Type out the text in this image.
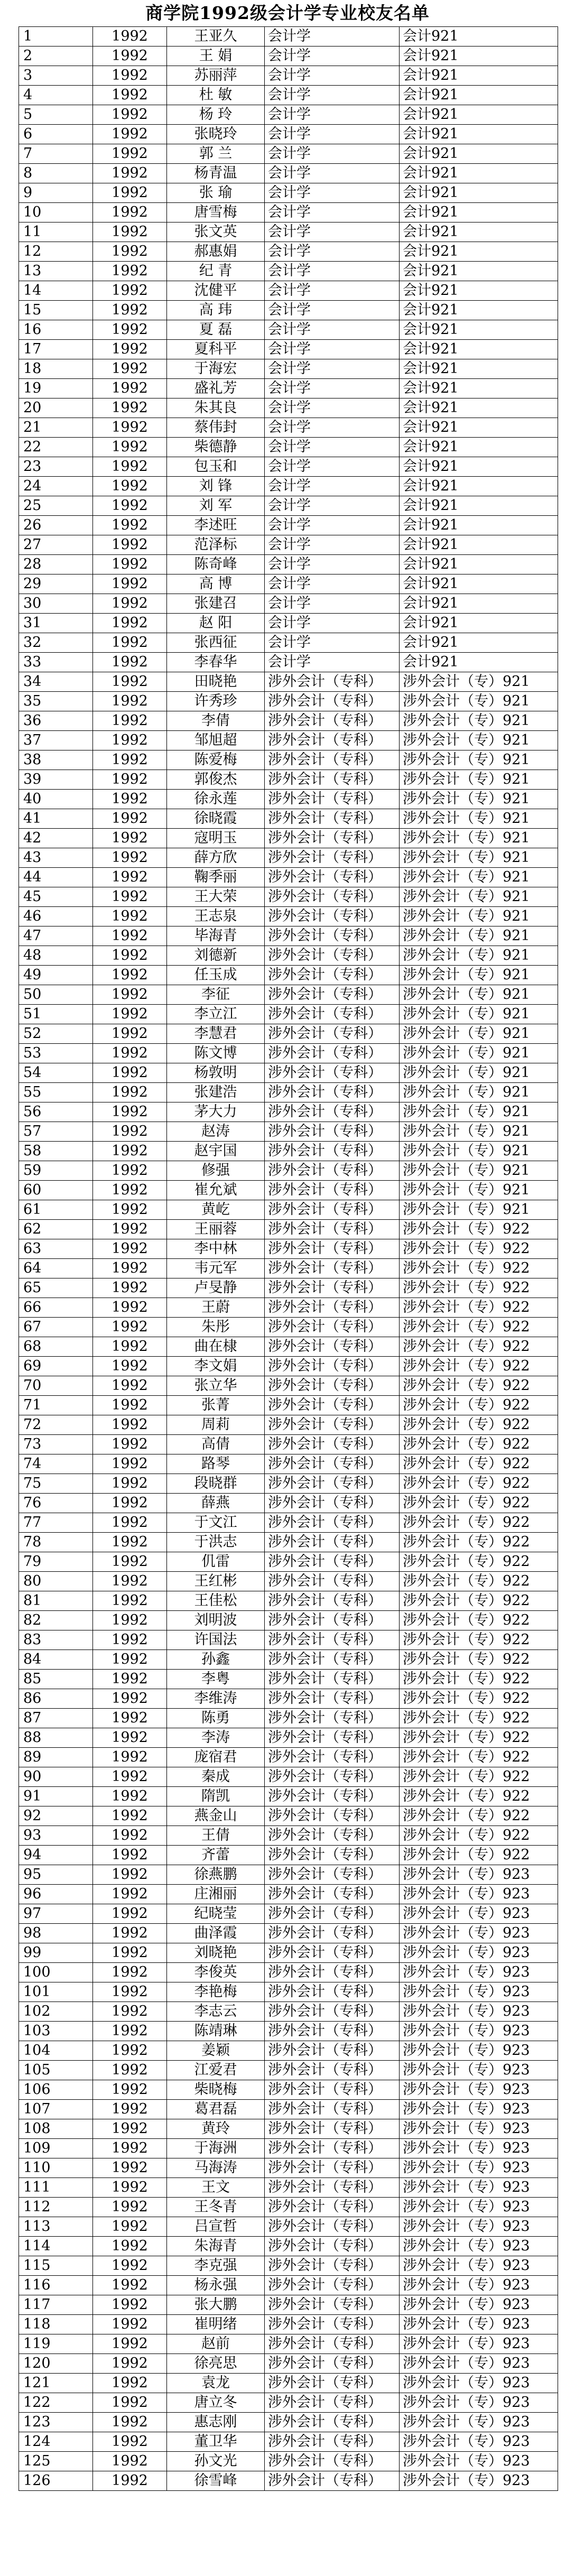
商学院1992级会计学专业校友名单
1	1992	王亚久	会计学	会计921
2	1992	王 娟	会计学	会计921
3	1992	苏丽萍	会计学	会计921
4	1992	杜 敏	会计学	会计921
5	1992	杨 玲	会计学	会计921
6	1992	张晓玲	会计学	会计921
7	1992	郭 兰	会计学	会计921
8	1992	杨青温	会计学	会计921
9	1992	张 瑜	会计学	会计921
10	1992	唐雪梅	会计学	会计921
11	1992	张文英	会计学	会计921
12	1992	郝惠娟	会计学	会计921
13	1992	纪 青	会计学	会计921
14	1992	沈健平	会计学	会计921
15	1992	高 玮	会计学	会计921
16	1992	夏 磊	会计学	会计921
17	1992	夏科平	会计学	会计921
18	1992	于海宏	会计学	会计921
19	1992	盛礼芳	会计学	会计921
20	1992	朱其良	会计学	会计921
21	1992	蔡伟封	会计学	会计921
22	1992	柴德静	会计学	会计921
23	1992	包玉和	会计学	会计921
24	1992	刘 锋	会计学	会计921
25	1992	刘 军	会计学	会计921
26	1992	李述旺	会计学	会计921
27	1992	范泽标	会计学	会计921
28	1992	陈奇峰	会计学	会计921
29	1992	高 博	会计学	会计921
30	1992	张建召	会计学	会计921
31	1992	赵 阳	会计学	会计921
32	1992	张西征	会计学	会计921
33	1992	李春华	会计学	会计921
34	1992	田晓艳	涉外会计（专科）	涉外会计（专）921
35	1992	许秀珍	涉外会计（专科）	涉外会计（专）921
36	1992	李倩	涉外会计（专科）	涉外会计（专）921
37	1992	邹旭超	涉外会计（专科）	涉外会计（专）921
38	1992	陈爱梅	涉外会计（专科）	涉外会计（专）921
39	1992	郭俊杰	涉外会计（专科）	涉外会计（专）921
40	1992	徐永莲	涉外会计（专科）	涉外会计（专）921
41	1992	徐晓霞	涉外会计（专科）	涉外会计（专）921
42	1992	寇明玉	涉外会计（专科）	涉外会计（专）921
43	1992	薛方欣	涉外会计（专科）	涉外会计（专）921
44	1992	鞠季丽	涉外会计（专科）	涉外会计（专）921
45	1992	王大荣	涉外会计（专科）	涉外会计（专）921
46	1992	王志泉	涉外会计（专科）	涉外会计（专）921
47	1992	毕海青	涉外会计（专科）	涉外会计（专）921
48	1992	刘德新	涉外会计（专科）	涉外会计（专）921
49	1992	任玉成	涉外会计（专科）	涉外会计（专）921
50	1992	李征	涉外会计（专科）	涉外会计（专）921
51	1992	李立江	涉外会计（专科）	涉外会计（专）921
52	1992	李慧君	涉外会计（专科）	涉外会计（专）921
53	1992	陈文博	涉外会计（专科）	涉外会计（专）921
54	1992	杨敦明	涉外会计（专科）	涉外会计（专）921
55	1992	张建浩	涉外会计（专科）	涉外会计（专）921
56	1992	茅大力	涉外会计（专科）	涉外会计（专）921
57	1992	赵涛	涉外会计（专科）	涉外会计（专）921
58	1992	赵宇国	涉外会计（专科）	涉外会计（专）921
59	1992	修强	涉外会计（专科）	涉外会计（专）921
60	1992	崔允斌	涉外会计（专科）	涉外会计（专）921
61	1992	黄屹	涉外会计（专科）	涉外会计（专）921
62	1992	王丽蓉	涉外会计（专科）	涉外会计（专）922
63	1992	李中林	涉外会计（专科）	涉外会计（专）922
64	1992	韦元军	涉外会计（专科）	涉外会计（专）922
65	1992	卢旻静	涉外会计（专科）	涉外会计（专）922
66	1992	王蔚	涉外会计（专科）	涉外会计（专）922
67	1992	朱彤	涉外会计（专科）	涉外会计（专）922
68	1992	曲在棣	涉外会计（专科）	涉外会计（专）922
69	1992	李文娟	涉外会计（专科）	涉外会计（专）922
70	1992	张立华	涉外会计（专科）	涉外会计（专）922
71	1992	张菁	涉外会计（专科）	涉外会计（专）922
72	1992	周莉	涉外会计（专科）	涉外会计（专）922
73	1992	高倩	涉外会计（专科）	涉外会计（专）922
74	1992	路琴	涉外会计（专科）	涉外会计（专）922
75	1992	段晓群	涉外会计（专科）	涉外会计（专）922
76	1992	薛燕	涉外会计（专科）	涉外会计（专）922
77	1992	于文江	涉外会计（专科）	涉外会计（专）922
78	1992	于洪志	涉外会计（专科）	涉外会计（专）922
79	1992	仉雷	涉外会计（专科）	涉外会计（专）922
80	1992	王红彬	涉外会计（专科）	涉外会计（专）922
81	1992	王佳松	涉外会计（专科）	涉外会计（专）922
82	1992	刘明波	涉外会计（专科）	涉外会计（专）922
83	1992	许国法	涉外会计（专科）	涉外会计（专）922
84	1992	孙鑫	涉外会计（专科）	涉外会计（专）922
85	1992	李粤	涉外会计（专科）	涉外会计（专）922
86	1992	李维涛	涉外会计（专科）	涉外会计（专）922
87	1992	陈勇	涉外会计（专科）	涉外会计（专）922
88	1992	李涛	涉外会计（专科）	涉外会计（专）922
89	1992	庞宿君	涉外会计（专科）	涉外会计（专）922
90	1992	秦成	涉外会计（专科）	涉外会计（专）922
91	1992	隋凯	涉外会计（专科）	涉外会计（专）922
92	1992	燕金山	涉外会计（专科）	涉外会计（专）922
93	1992	王倩	涉外会计（专科）	涉外会计（专）922
94	1992	齐蕾	涉外会计（专科）	涉外会计（专）922
95	1992	徐燕鹏	涉外会计（专科）	涉外会计（专）923
96	1992	庄湘丽	涉外会计（专科）	涉外会计（专）923
97	1992	纪晓莹	涉外会计（专科）	涉外会计（专）923
98	1992	曲泽霞	涉外会计（专科）	涉外会计（专）923
99	1992	刘晓艳	涉外会计（专科）	涉外会计（专）923
100	1992	李俊英	涉外会计（专科）	涉外会计（专）923
101	1992	李艳梅	涉外会计（专科）	涉外会计（专）923
102	1992	李志云	涉外会计（专科）	涉外会计（专）923
103	1992	陈靖琳	涉外会计（专科）	涉外会计（专）923
104	1992	姜颖	涉外会计（专科）	涉外会计（专）923
105	1992	江爱君	涉外会计（专科）	涉外会计（专）923
106	1992	柴晓梅	涉外会计（专科）	涉外会计（专）923
107	1992	葛君磊	涉外会计（专科）	涉外会计（专）923
108	1992	黄玲	涉外会计（专科）	涉外会计（专）923
109	1992	于海洲	涉外会计（专科）	涉外会计（专）923
110	1992	马海涛	涉外会计（专科）	涉外会计（专）923
111	1992	王文	涉外会计（专科）	涉外会计（专）923
112	1992	王冬青	涉外会计（专科）	涉外会计（专）923
113	1992	吕宣哲	涉外会计（专科）	涉外会计（专）923
114	1992	朱海青	涉外会计（专科）	涉外会计（专）923
115	1992	李克强	涉外会计（专科）	涉外会计（专）923
116	1992	杨永强	涉外会计（专科）	涉外会计（专）923
117	1992	张大鹏	涉外会计（专科）	涉外会计（专）923
118	1992	崔明绪	涉外会计（专科）	涉外会计（专）923
119	1992	赵前	涉外会计（专科）	涉外会计（专）923
120	1992	徐亮思	涉外会计（专科）	涉外会计（专）923
121	1992	袁龙	涉外会计（专科）	涉外会计（专）923
122	1992	唐立冬	涉外会计（专科）	涉外会计（专）923
123	1992	惠志刚	涉外会计（专科）	涉外会计（专）923
124	1992	董卫华	涉外会计（专科）	涉外会计（专）923
125	1992	孙文光	涉外会计（专科）	涉外会计（专）923
126	1992	徐雪峰	涉外会计（专科）	涉外会计（专）923
